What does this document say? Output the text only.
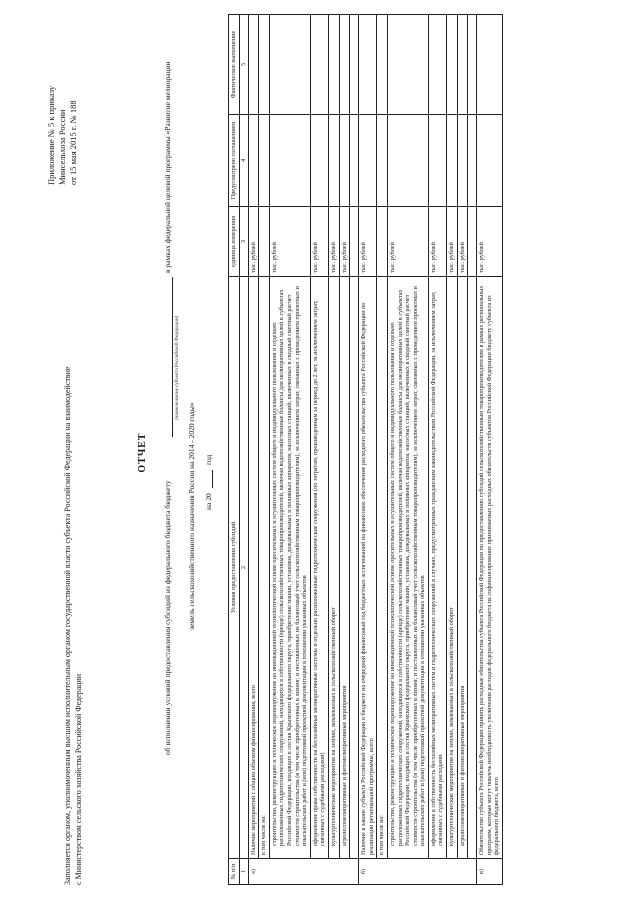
Приложение № 5 к приказу Минсельхоза России от 15 мая 2015 г. № 188
Заполняется органом, уполномоченным высшим исполнительным органом государственной власти субъекта Российской Федерации на взаимодействие с Министерством сельского хозяйства Российской Федерации
ОТЧЕТ
об исполнении условий предоставления субсидий из федерального бюджета бюджету
(наименование субъекта Российской Федерации)
в рамках федеральной целевой программы «Развитие мелиорации
земель сельскохозяйственного назначения России на 2014 - 2020 годы» на 20
год
№ п/п	Условия предоставления субсидий	единица измерения	Предусмотрено соглашением	Фактическое выполнение
1	2	3	4	5
а)	Наличие мероприятий с общим объемом финансирования, всего	тыс. рублей		
	в том числе на:			
	строительство, реконструкцию и техническое перевооружение на инновационной технологической основе оросительных и осушительных систем общего и индивидуального пользования и отдельно расположенных гидротехнических сооружений, находящихся в собственности (аренде) сельскохозяйственных товаропроизводителей, включая водохозяйственные балансы для мелиоративных целей в субъектах Российской Федерации, входящих в состав Крымского федерального округа, приобретение машин, установок, дождевальных и поливных аппаратов, насосных станций, включенных в сводный сметный расчет стоимости строительства (в том числе приобретенных в лизинг, и поставленных на балансовый учет сельскохозяйственным товаропроизводителям), за исключением затрат, связанных с проведением проектных и изыскательских работ и (или) подготовкой проектной документации в отношении указанных объектов	тыс. рублей		
	оформление права собственности на бесхозяйные мелиоративные системы и отдельно расположенные гидротехнические сооружения (по затратам, произведенным за период до 2 лет, за исключением затрат, связанных с судебными расходами)	тыс. рублей		
	культуртехнические мероприятия на землях, вовлекаемых в сельскохозяйственный оборот	тыс. рублей		
	агролесомелиоративные и фитомелиоративные мероприятия	тыс. рублей		

б)	Наличие в законе субъекта Российской Федерации о бюджете на очередной финансовый год бюджетных ассигнований на финансовое обеспечение расходного обязательства субъекта Российской Федерации по реализации региональной программы, всего	тыс. рублей		
	в том числе на:			
	строительство, реконструкцию и техническое перевооружение на инновационной технологической основе оросительных и осушительных систем общего и индивидуального пользования и отдельно расположенных гидротехнических сооружений, находящихся в собственности (аренде) сельскохозяйственных товаропроизводителей, включая водохозяйственные балансы для мелиоративных целей в субъектах Российской Федерации, входящих в состав Крымского федерального округа, приобретение машин, установок, дождевальных и поливных аппаратов, насосных станций, включенных в сводный сметный расчет стоимости строительства (в том числе приобретенных в лизинг, и поставленных на балансовый учет сельскохозяйственным товаропроизводителям), за исключением затрат, связанных с проведением проектных и изыскательских работ и (или) подготовкой проектной документации в отношении указанных объектов	тыс. рублей		
	оформление в собственность бесхозяйных мелиоративных систем и гидротехнических сооружений в случаях, предусмотренных гражданским законодательством Российской Федерации, за исключением затрат, связанных с судебными расходами	тыс. рублей		
	культуртехнические мероприятия на землях, вовлекаемых в сельскохозяйственный оборот	тыс. рублей		
	агролесомелиоративные и фитомелиоративные мероприятия	тыс. рублей		

в)	Обязательство субъекта Российской Федерации принять расходные обязательства субъекта Российской Федерации по предоставлению субсидий сельскохозяйственным товаропроизводителям в рамках региональных программ, которые могут повлечь необходимость увеличения расходов федерального бюджета на софинансирование принимаемых расходных обязательств субъектов Российской Федерации бюджету субъекта из федерального бюджета, всего	тыс. рублей		
